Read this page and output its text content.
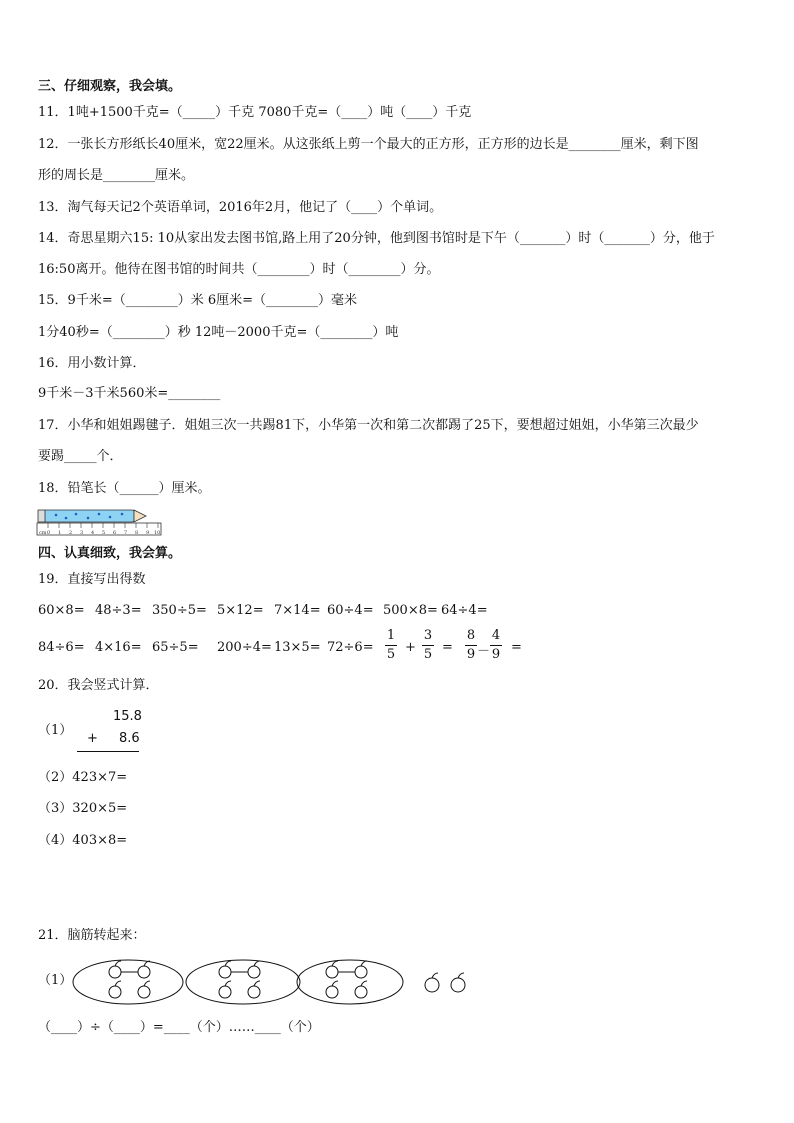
三、仔细观察，我会填。
11．1吨+1500千克=（_____）千克 7080千克=（____）吨（____）千克
12．一张长方形纸长40厘米，宽22厘米。从这张纸上剪一个最大的正方形，正方形的边长是________厘米，剩下图
形的周长是________厘米。
13．淘气每天记2个英语单词，2016年2月，他记了（____）个单词。
14．奇思星期六15: 10从家出发去图书馆,路上用了20分钟，他到图书馆时是下午（_______）时（_______）分，他于
16:50离开。他待在图书馆的时间共（________）时（________）分。
15．9千米=（________）米 6厘米=（________）毫米
1分40秒=（________）秒 12吨－2000千克=（________）吨
16．用小数计算．
9千米－3千米560米=________
17．小华和姐姐踢毽子．姐姐三次一共踢81下，小华第一次和第二次都踢了25下，要想超过姐姐，小华第三次最少
要踢_____个．
18．铅笔长（______）厘米。
cm 0 1 2 3 4 5 6 7 8 9 10
四、认真细致，我会算。
19．直接写出得数
60×8= 48÷3= 350÷5= 5×12= 7×14= 60÷4= 500×8= 64÷4=
84÷6= 4×16= 65÷5= 200÷4= 13×5= 72÷6=
1
5 +
3
5 =
8
9 －
4
9 =
20．我会竖式计算．
（1）
15.8
+ 8.6
（2）423×7=
（3）320×5=
（4）403×8=
21．脑筋转起来：
（1）
（____）÷（____）=____（个）……____（个）
